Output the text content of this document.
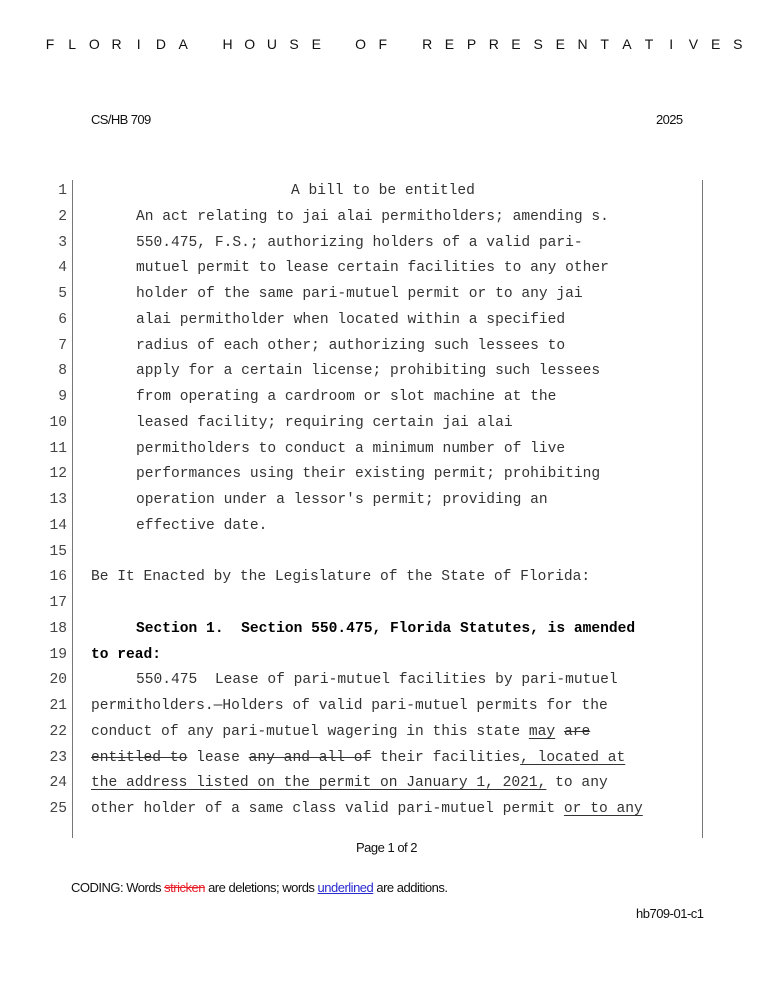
F L O R I D A H O U S E O F	R E P R E S E N T A T I V E S
CS/HB 709	2025
1	A bill to be entitled
2	An act relating to jai alai permitholders; amending s.
3	550.475, F.S.; authorizing holders of a valid pari-
4	mutuel permit to lease certain facilities to any other
5	holder of the same pari-mutuel permit or to any jai
6	alai permitholder when located within a specified
7	radius of each other; authorizing such lessees to
8	apply for a certain license; prohibiting such lessees
9	from operating a cardroom or slot machine at the
10	leased facility; requiring certain jai alai
11	permitholders to conduct a minimum number of live
12	performances using their existing permit; prohibiting
13	operation under a lessor's permit; providing an
14	effective date.
15
16 Be It Enacted by the Legislature of the State of Florida:
17
18	Section 1.  Section 550.475, Florida Statutes, is amended
19 to read:
20	550.475  Lease of pari-mutuel facilities by pari-mutuel
21 permitholders.—Holders of valid pari-mutuel permits for the
22 conduct of any pari-mutuel wagering in this state may are
23 entitled to lease any and all of their facilities, located at
24 the address listed on the permit on January 1, 2021, to any
25 other holder of a same class valid pari-mutuel permit or to any
Page 1 of 2
CODING: Words stricken are deletions; words underlined are additions.
hb709-01-c1
